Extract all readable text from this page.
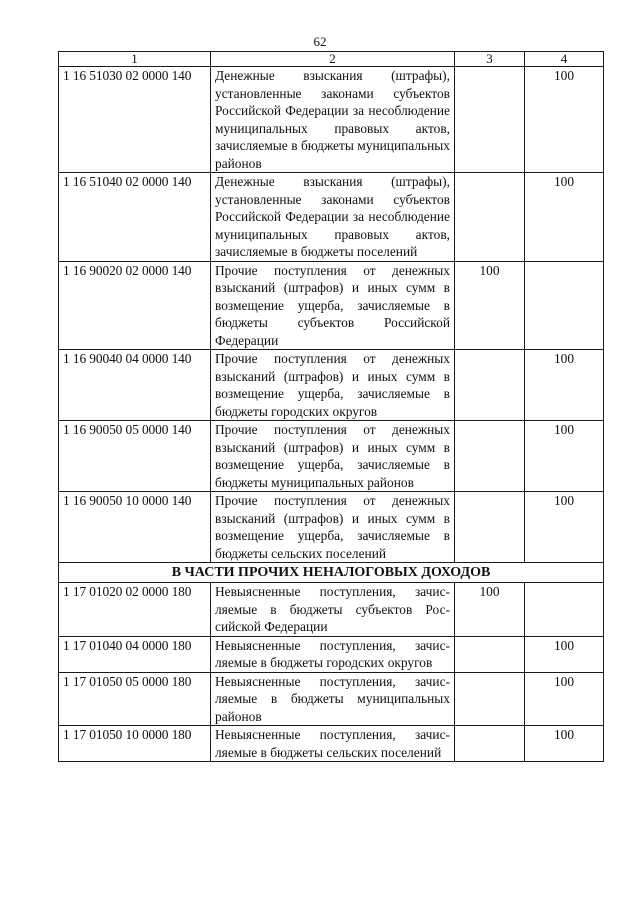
62
1	2	3	4
1 16 51030 02 0000 140	Денежные взыскания (штрафы), установленные законами субъектов Российской Федерации за несоблюдение муниципальных правовых актов, зачисляемые в бюджеты муниципальных районов		100
1 16 51040 02 0000 140	Денежные взыскания (штрафы), установленные законами субъектов Российской Федерации за несоблюдение муниципальных правовых актов, зачисляемые в бюджеты поселений		100
1 16 90020 02 0000 140	Прочие поступления от денежных взысканий (штрафов) и иных сумм в возмещение ущерба, зачисляемые в бюджеты субъектов Российской Федерации	100	
1 16 90040 04 0000 140	Прочие поступления от денежных взысканий (штрафов) и иных сумм в возмещение ущерба, зачисляемые в бюджеты городских округов		100
1 16 90050 05 0000 140	Прочие поступления от денежных взысканий (штрафов) и иных сумм в возмещение ущерба, зачисляемые в бюджеты муниципальных районов		100
1 16 90050 10 0000 140	Прочие поступления от денежных взысканий (штрафов) и иных сумм в возмещение ущерба, зачисляемые в бюджеты сельских поселений		100
В ЧАСТИ ПРОЧИХ НЕНАЛОГОВЫХ ДОХОДОВ			
1 17 01020 02 0000 180	Невыясненные поступления, зачисляемые в бюджеты субъектов Российской Федерации	100	
1 17 01040 04 0000 180	Невыясненные поступления, зачисляемые в бюджеты городских округов		100
1 17 01050 05 0000 180	Невыясненные поступления, зачисляемые в бюджеты муниципальных районов		100
1 17 01050 10 0000 180	Невыясненные поступления, зачисляемые в бюджеты сельских поселений		100
